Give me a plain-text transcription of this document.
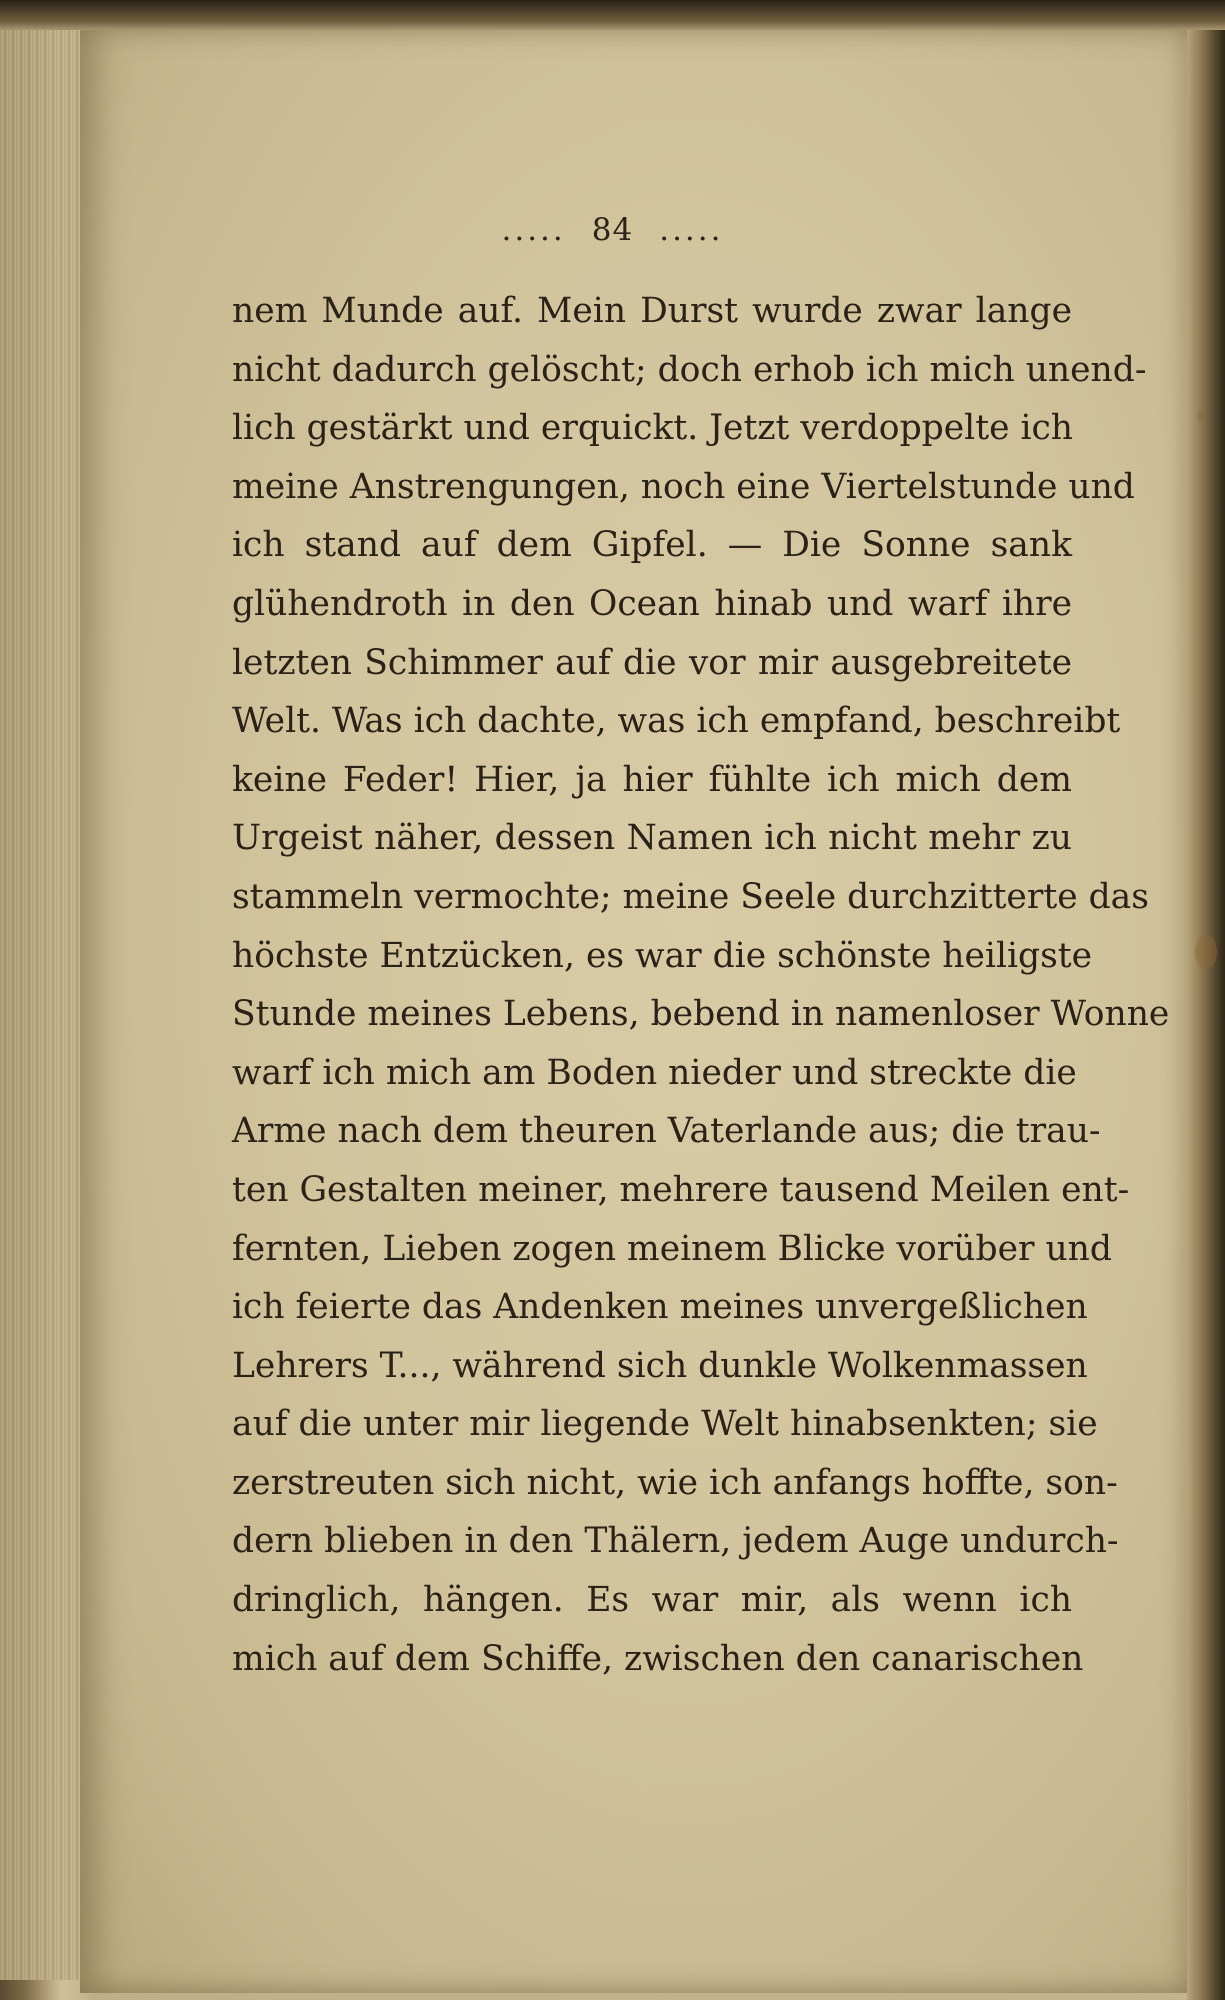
..... 84 .....
nem Munde auf. Mein Durst wurde zwar lange
nicht dadurch gelöscht; doch erhob ich mich unend-
lich gestärkt und erquickt. Jetzt verdoppelte ich
meine Anstrengungen, noch eine Viertelstunde und
ich stand auf dem Gipfel. — Die Sonne sank
glühendroth in den Ocean hinab und warf ihre
letzten Schimmer auf die vor mir ausgebreitete
Welt. Was ich dachte, was ich empfand, beschreibt
keine Feder! Hier, ja hier fühlte ich mich dem
Urgeist näher, dessen Namen ich nicht mehr zu
stammeln vermochte; meine Seele durchzitterte das
höchste Entzücken, es war die schönste heiligste
Stunde meines Lebens, bebend in namenloser Wonne
warf ich mich am Boden nieder und streckte die
Arme nach dem theuren Vaterlande aus; die trau-
ten Gestalten meiner, mehrere tausend Meilen ent-
fernten, Lieben zogen meinem Blicke vorüber und
ich feierte das Andenken meines unvergeßlichen
Lehrers T..., während sich dunkle Wolkenmassen
auf die unter mir liegende Welt hinabsenkten; sie
zerstreuten sich nicht, wie ich anfangs hoffte, son-
dern blieben in den Thälern, jedem Auge undurch-
dringlich, hängen. Es war mir, als wenn ich
mich auf dem Schiffe, zwischen den canarischen
